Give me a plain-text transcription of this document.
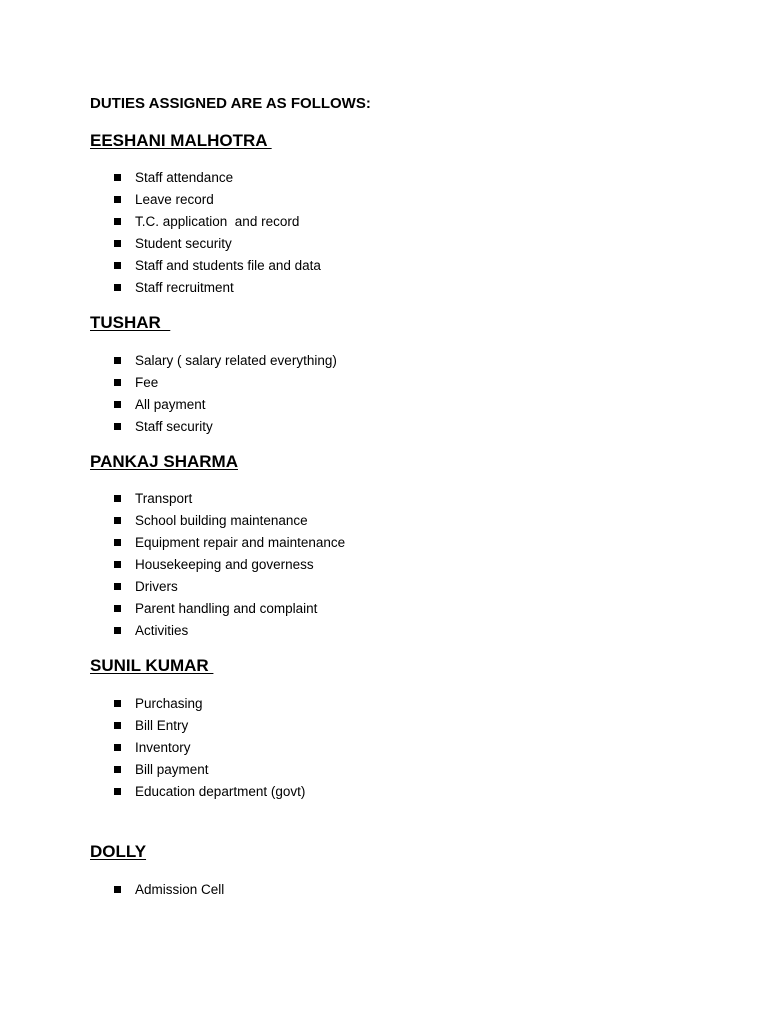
DUTIES ASSIGNED ARE AS FOLLOWS:
EESHANI MALHOTRA
Staff attendance
Leave record
T.C. application  and record
Student security
Staff and students file and data
Staff recruitment
TUSHAR
Salary ( salary related everything)
Fee
All payment
Staff security
PANKAJ SHARMA
Transport
School building maintenance
Equipment repair and maintenance
Housekeeping and governess
Drivers
Parent handling and complaint
Activities
SUNIL KUMAR
Purchasing
Bill Entry
Inventory
Bill payment
Education department (govt)
DOLLY
Admission Cell
